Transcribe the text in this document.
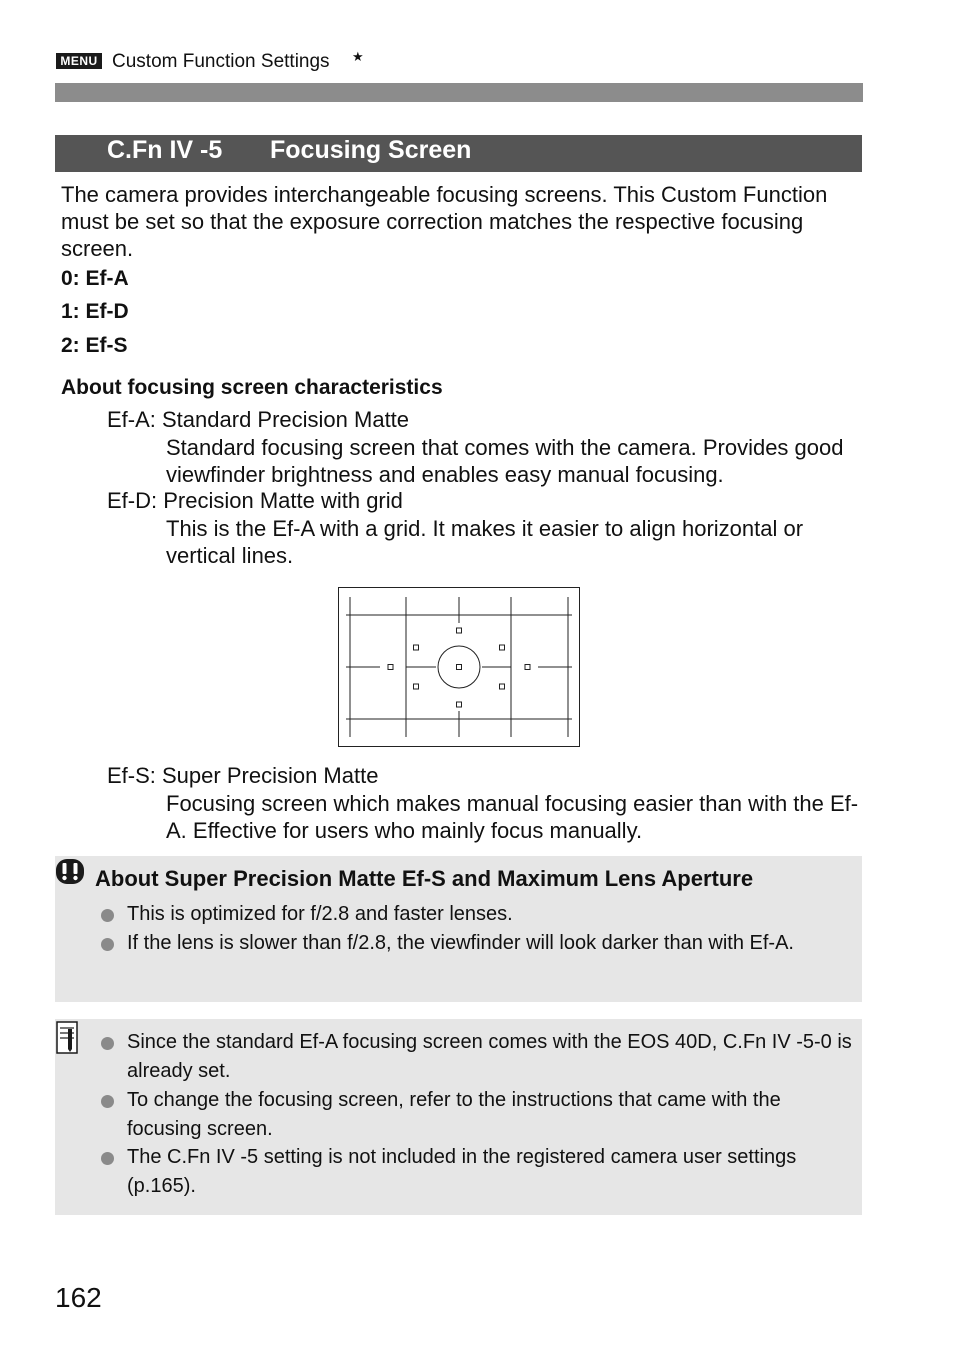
MENU Custom Function Settings ★
C.Fn IV -5 Focusing Screen
The camera provides interchangeable focusing screens. This Custom Function must be set so that the exposure correction matches the respective focusing screen.
0: Ef-A
1: Ef-D
2: Ef-S
About focusing screen characteristics
Ef-A: Standard Precision Matte
Standard focusing screen that comes with the camera. Provides good viewfinder brightness and enables easy manual focusing.
Ef-D: Precision Matte with grid
This is the Ef-A with a grid. It makes it easier to align horizontal or vertical lines.
Ef-S: Super Precision Matte
Focusing screen which makes manual focusing easier than with the Ef-A. Effective for users who mainly focus manually.
About Super Precision Matte Ef-S and Maximum Lens Aperture
This is optimized for f/2.8 and faster lenses.
If the lens is slower than f/2.8, the viewfinder will look darker than with Ef-A.
Since the standard Ef-A focusing screen comes with the EOS 40D, C.Fn IV -5-0 is already set.
To change the focusing screen, refer to the instructions that came with the focusing screen.
The C.Fn IV -5 setting is not included in the registered camera user settings (p.165).
162
